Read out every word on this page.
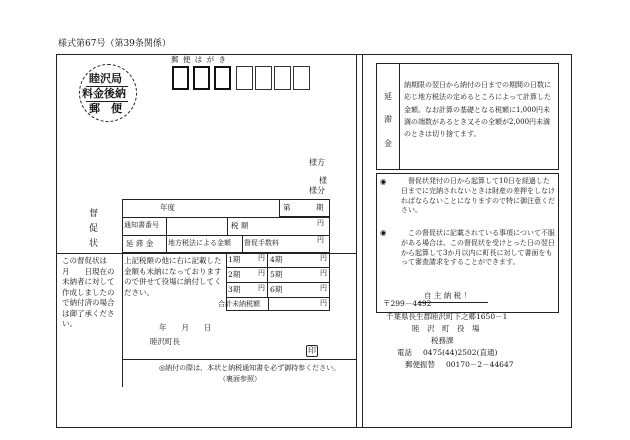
様式第67号（第39条関係）
郵 便 は が き
睦沢局
料金後納
郵　便
様方
様
様分
督
促
状
年度	第	期
通知書番号	税 額	円
延 滞 金 地方税法による金額 督促手数料	円
この督促状は　　月　　日現在の未納者に対して作成しましたので納付済の場合は御了承ください。
上記税額の他に右に記載した金額も未納になっておりますので併せて役場に納付してください。
1期	円 4期	円
2期	円 5期	円
3期	円 6期	円
合計未納税額	円
年　　月　　日
睦沢町長
印
◎納付の際は、本状と納税通知書を必ず御持参ください。
（裏面参照）
延
滞
金
納期限の翌日から納付の日までの期間の日数に応じ地方税法の定めるところによって計算した金額。なお計算の基礎となる税額に1,000円未満の端数があるとき又その全額が2,000円未満のときは切り捨てます。
◉	督促状発付の日から起算して10日を経過した日までに完納されないときは財産の差押をしなければならないことになりますので特に御注意ください。
◉	この督促状に記載されている事項について不服がある場合は、この督促状を受けとった日の翌日から起算して3か月以内に町長に対して書面をもって審査請求をすることができます。
自 主 納 税 ！
〒299－4492
千葉県長生郡睦沢町下之郷1650－1
睦　沢　町　役　場
税務課
電話 0475(44)2502(直通)
郵便振替 00170－2－44647
